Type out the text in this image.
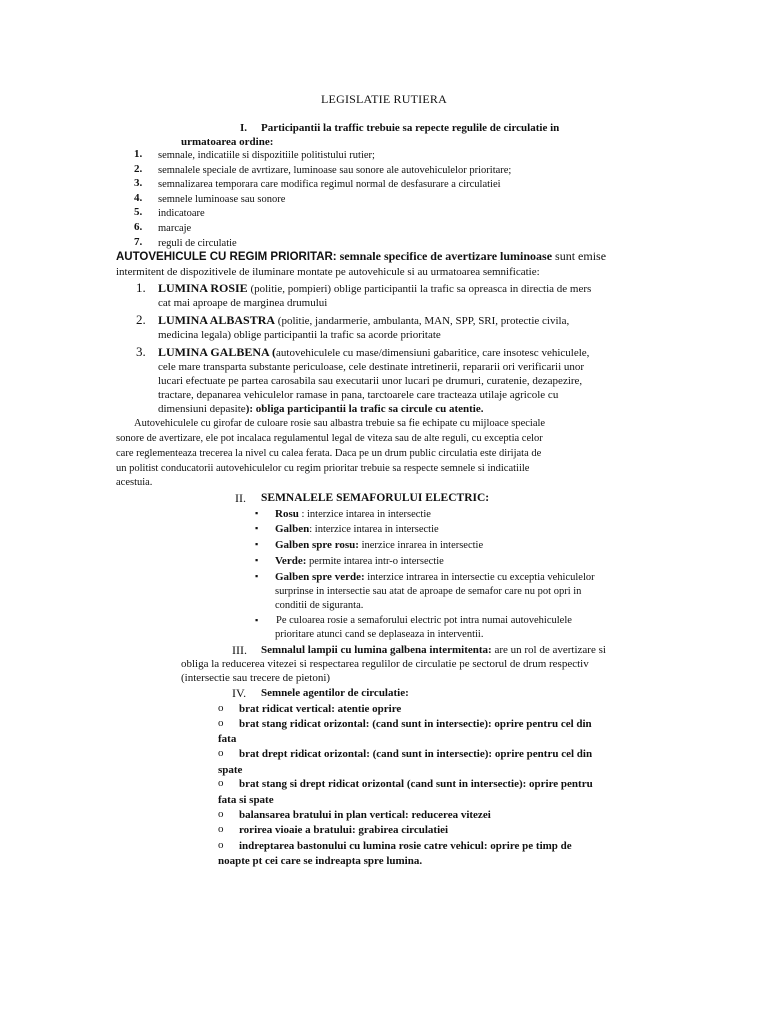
LEGISLATIE RUTIERA
I. Participantii la traffic trebuie sa repecte regulile de circulatie in
urmatoarea ordine:
1. semnale, indicatiile si dispozitiile politistului rutier;
2. semnalele speciale de avrtizare, luminoase sau sonore ale autovehiculelor prioritare;
3. semnalizarea temporara care modifica regimul normal de desfasurare a circulatiei
4. semnele luminoase sau sonore
5. indicatoare
6. marcaje
7. reguli de circulatie
AUTOVEHICULE CU REGIM PRIORITAR: semnale specifice de avertizare luminoase sunt emise
intermitent de dispozitivele de iluminare montate pe autovehicule si au urmatoarea semnificatie:
1. LUMINA ROSIE (politie, pompieri) oblige participantii la trafic sa opreasca in directia de mers
cat mai aproape de marginea drumului
2. LUMINA ALBASTRA (politie, jandarmerie, ambulanta, MAN, SPP, SRI, protectie civila,
medicina legala) oblige participantii la trafic sa acorde prioritate
3. LUMINA GALBENA (autovehiculele cu mase/dimensiuni gabaritice, care insotesc vehiculele,
cele mare transparta substante periculoase, cele destinate intretinerii, repararii ori verificarii unor
lucari efectuate pe partea carosabila sau executarii unor lucari pe drumuri, curatenie, dezapezire,
tractare, depanarea vehiculelor ramase in pana, tarctoarele care tracteaza utilaje agricole cu
dimensiuni depasite): obliga participantii la trafic sa circule cu atentie.
Autovehiculele cu girofar de culoare rosie sau albastra trebuie sa fie echipate cu mijloace speciale
sonore de avertizare, ele pot incalaca regulamentul legal de viteza sau de alte reguli, cu exceptia celor
care reglementeaza trecerea la nivel cu calea ferata. Daca pe un drum public circulatia este dirijata de
un politist conducatorii autovehiculelor cu regim prioritar trebuie sa respecte semnele si indicatiile
acestuia.
II. SEMNALELE SEMAFORULUI ELECTRIC:
▪ Rosu : interzice intarea in intersectie
▪ Galben: interzice intarea in intersectie
▪ Galben spre rosu: inerzice inrarea in intersectie
▪ Verde: permite intarea intr-o intersectie
▪ Galben spre verde: interzice intrarea in intersectie cu exceptia vehiculelor
surprinse in intersectie sau atat de aproape de semafor care nu pot opri in
conditii de siguranta.
▪ Pe culoarea rosie a semaforului electric pot intra numai autovehiculele
prioritare atunci cand se deplaseaza in interventii.
III. Semnalul lampii cu lumina galbena intermitenta: are un rol de avertizare si
obliga la reducerea vitezei si respectarea regulilor de circulatie pe sectorul de drum respectiv
(intersectie sau trecere de pietoni)
IV. Semnele agentilor de circulatie:
o brat ridicat vertical: atentie oprire
o brat stang ridicat orizontal: (cand sunt in intersectie): oprire pentru cel din
fata
o brat drept ridicat orizontal: (cand sunt in intersectie): oprire pentru cel din
spate
o brat stang si drept ridicat orizontal (cand sunt in intersectie): oprire pentru
fata si spate
o balansarea bratului in plan vertical: reducerea vitezei
o rorirea vioaie a bratului: grabirea circulatiei
o indreptarea bastonului cu lumina rosie catre vehicul: oprire pe timp de
noapte pt cei care se indreapta spre lumina.
